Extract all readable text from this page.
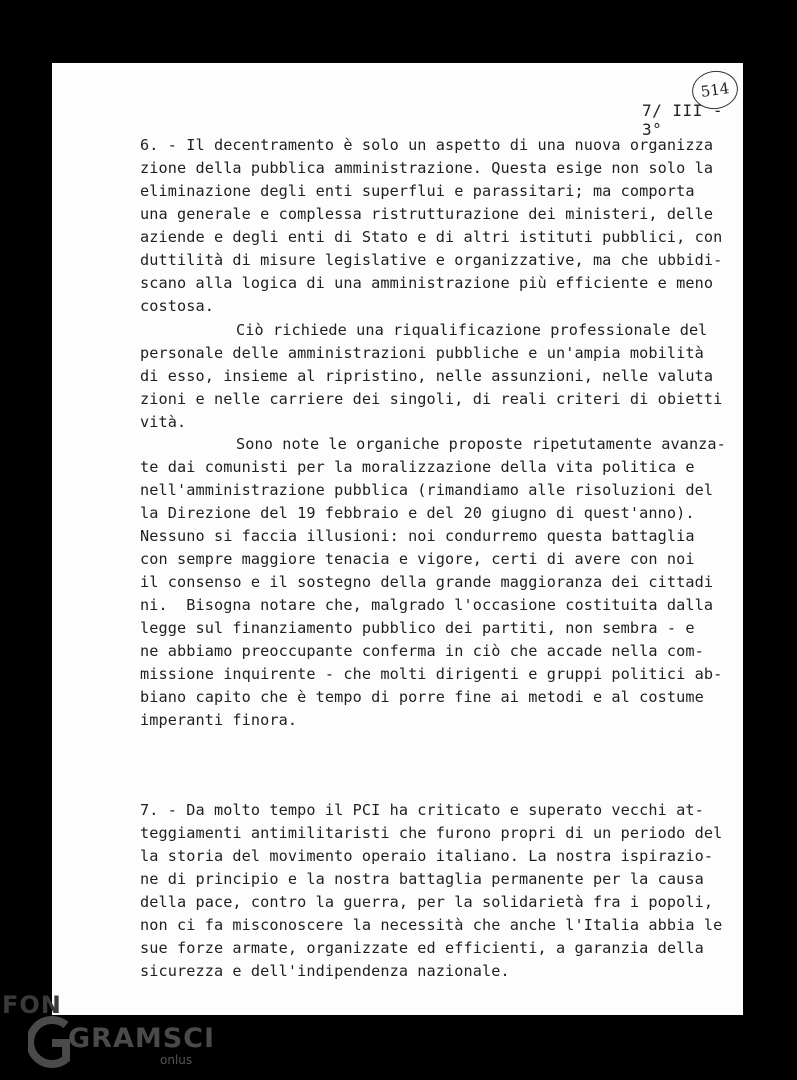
514
7/ III - 3°
6. - Il decentramento è solo un aspetto di una nuova organizza
zione della pubblica amministrazione. Questa esige non solo la
eliminazione degli enti superflui e parassitari; ma comporta
una generale e complessa ristrutturazione dei ministeri, delle
aziende e degli enti di Stato e di altri istituti pubblici, con
duttilità di misure legislative e organizzative, ma che ubbidi-
scano alla logica di una amministrazione più efficiente e meno
costosa.
Ciò richiede una riqualificazione professionale del
personale delle amministrazioni pubbliche e un'ampia mobilità
di esso, insieme al ripristino, nelle assunzioni, nelle valuta
zioni e nelle carriere dei singoli, di reali criteri di obietti
vità.
Sono note le organiche proposte ripetutamente avanza-
te dai comunisti per la moralizzazione della vita politica e
nell'amministrazione pubblica (rimandiamo alle risoluzioni del
la Direzione del 19 febbraio e del 20 giugno di quest'anno).
Nessuno si faccia illusioni: noi condurremo questa battaglia
con sempre maggiore tenacia e vigore, certi di avere con noi
il consenso e il sostegno della grande maggioranza dei cittadi
ni.  Bisogna notare che, malgrado l'occasione costituita dalla
legge sul finanziamento pubblico dei partiti, non sembra - e
ne abbiamo preoccupante conferma in ciò che accade nella com-
missione inquirente - che molti dirigenti e gruppi politici ab-
biano capito che è tempo di porre fine ai metodi e al costume
imperanti finora.
7. - Da molto tempo il PCI ha criticato e superato vecchi at-
teggiamenti antimilitaristi che furono propri di un periodo del
la storia del movimento operaio italiano. La nostra ispirazio-
ne di principio e la nostra battaglia permanente per la causa
della pace, contro la guerra, per la solidarietà fra i popoli,
non ci fa misconoscere la necessità che anche l'Italia abbia le
sue forze armate, organizzate ed efficienti, a garanzia della
sicurezza e dell'indipendenza nazionale.
FON
GRAMSCI
onlus
